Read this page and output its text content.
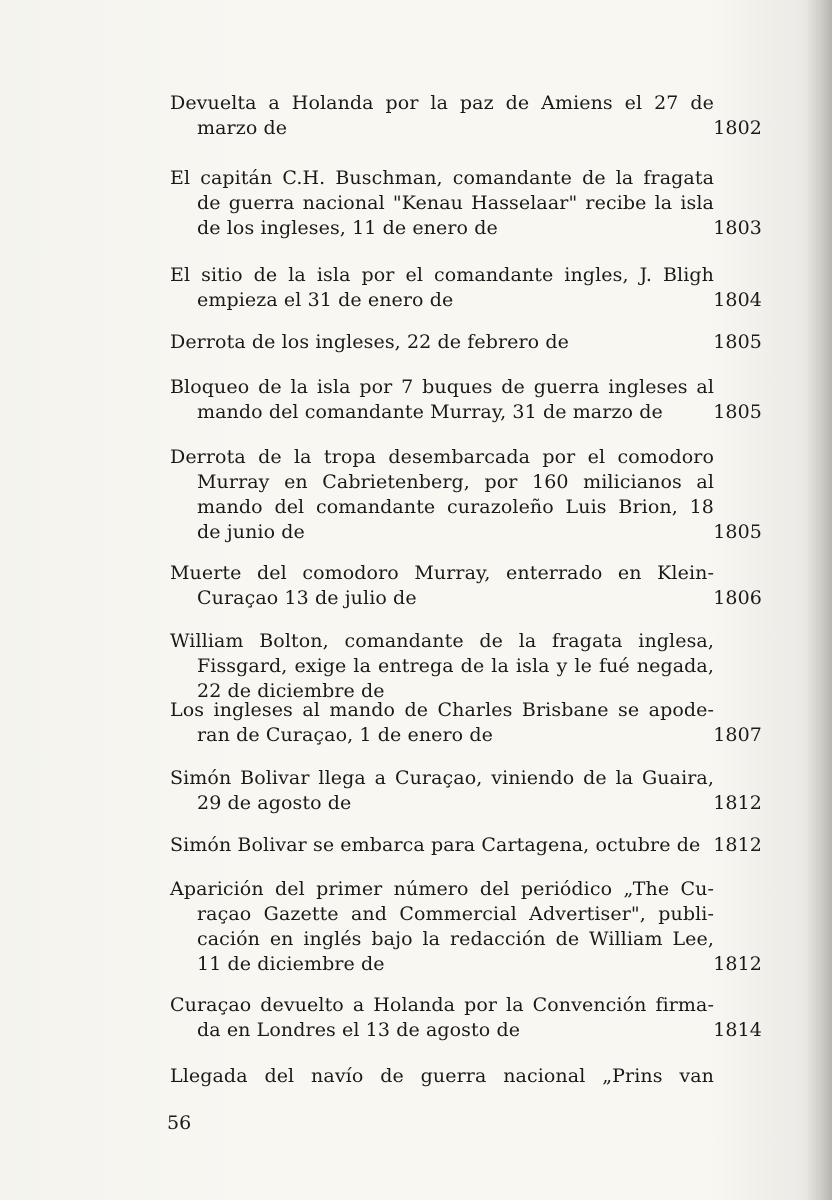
Devuelta a Holanda por la paz de Amiens el 27 de
marzo de	1802
El capitán C.H. Buschman, comandante de la fragata
de guerra nacional "Kenau Hasselaar" recibe la isla
de los ingleses, 11 de enero de	1803
El sitio de la isla por el comandante ingles, J. Bligh
empieza el 31 de enero de	1804
Derrota de los ingleses, 22 de febrero de	1805
Bloqueo de la isla por 7 buques de guerra ingleses al
mando del comandante Murray, 31 de marzo de	1805
Derrota de la tropa desembarcada por el comodoro
Murray en Cabrietenberg, por 160 milicianos al
mando del comandante curazoleño Luis Brion, 18
de junio de	1805
Muerte del comodoro Murray, enterrado en Klein-
Curaçao 13 de julio de	1806
William Bolton, comandante de la fragata inglesa,
Fissgard, exige la entrega de la isla y le fué negada,
22 de diciembre de
Los ingleses al mando de Charles Brisbane se apode-
ran de Curaçao, 1 de enero de	1807
Simón Bolivar llega a Curaçao, viniendo de la Guaira,
29 de agosto de	1812
Simón Bolivar se embarca para Cartagena, octubre de 1812
Aparición del primer número del periódico „The Cu-
raçao Gazette and Commercial Advertiser", publi-
cación en inglés bajo la redacción de William Lee,
11 de diciembre de	1812
Curaçao devuelto a Holanda por la Convención firma-
da en Londres el 13 de agosto de	1814
Llegada del navío de guerra nacional „Prins van
56
